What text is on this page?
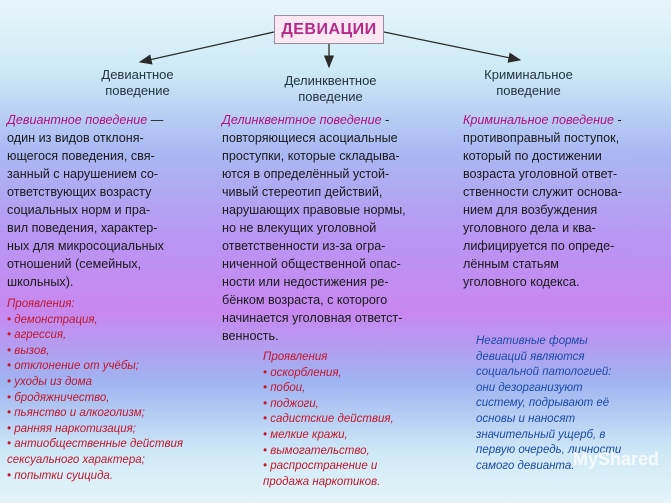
ДЕВИАЦИИ
Девиантное
поведение
Делинквентное
поведение
Криминальное
поведение
Девиантное поведение —
один из видов отклоня-
ющегося поведения, свя-
занный с нарушением со-
ответствующих возрасту
социальных норм и пра-
вил поведения, характер-
ных для микросоциальных
отношений (семейных,
школьных).
Делинквентное поведение -
повторяющиеся асоциальные
проступки, которые складыва-
ются в определённый устой-
чивый стереотип действий,
нарушающих правовые нормы,
но не влекущих уголовной
ответственности из-за огра-
ниченной общественной опас-
ности или недостижения ре-
бёнком возраста, с которого
начинается уголовная ответст-
венность.
Криминальное поведение -
противоправный поступок,
который по достижении
возраста уголовной ответ-
ственности служит основа-
нием для возбуждения
уголовного дела и ква-
лифицируется по опреде-
лённым статьям
уголовного кодекса.
Проявления:
• демонстрация,
• агрессия,
• вызов,
• отклонение от учёбы;
• уходы из дома
• бродяжничество,
• пьянство и алкоголизм;
• ранняя наркотизация;
• антиобщественные действия
сексуального характера;
• попытки суицида.
Проявления
• оскорбления,
• побои,
• поджоги,
• садистские действия,
• мелкие кражи,
• вымогательство,
• распространение и
продажа наркотиков.
Негативные формы
девиаций являются
социальной патологией:
они дезорганизуют
систему, подрывают её
основы и наносят
значительный ущерб, в
первую очередь, личности
самого девианта.
MyShared
